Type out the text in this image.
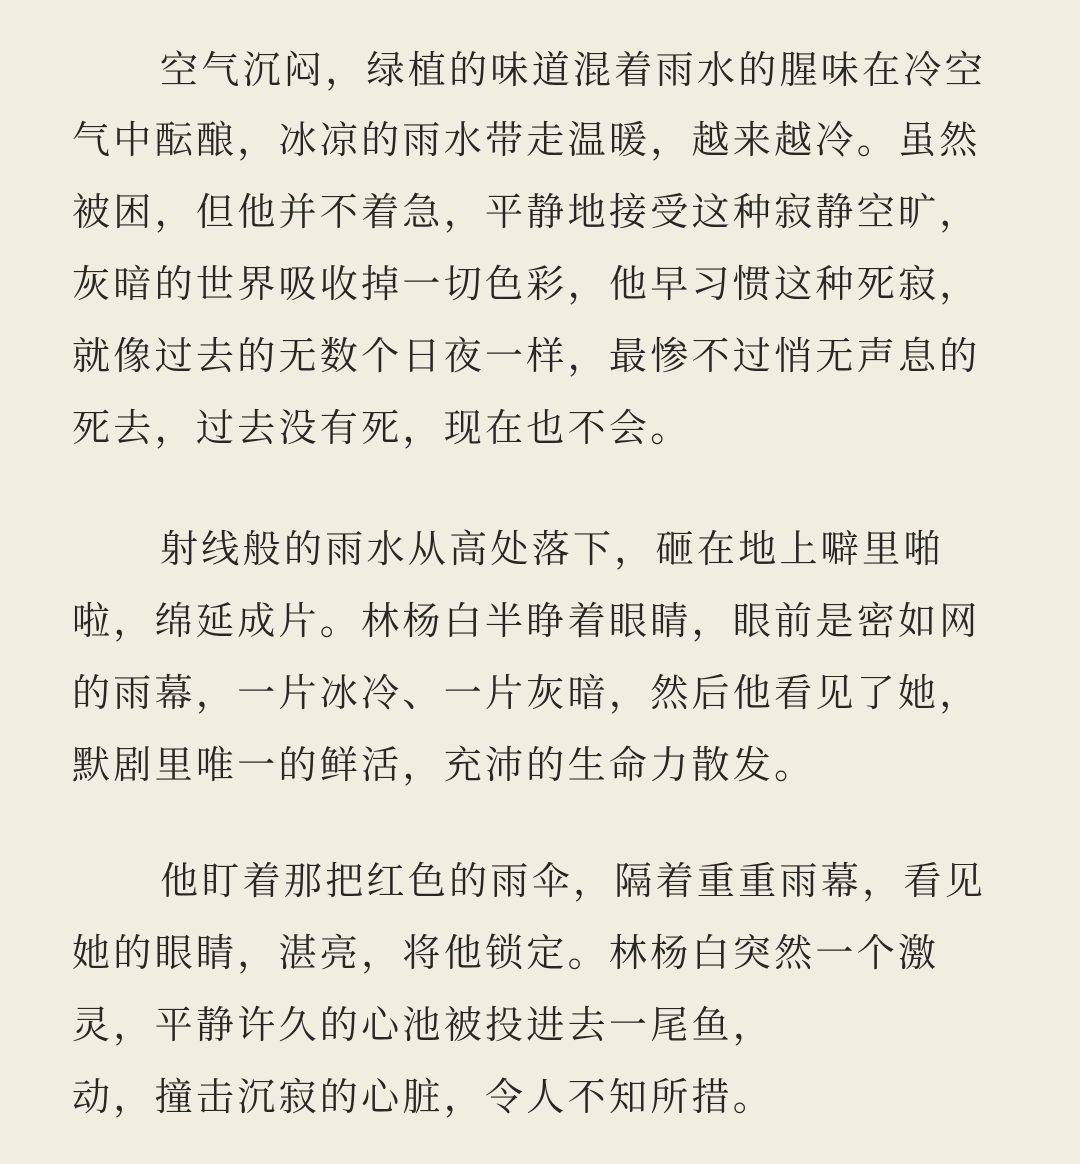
空气沉闷，绿植的味道混着雨水的腥味在冷空
气中酝酿，冰凉的雨水带走温暖，越来越冷。虽然
被困，但他并不着急，平静地接受这种寂静空旷，
灰暗的世界吸收掉一切色彩，他早习惯这种死寂，
就像过去的无数个日夜一样，最惨不过悄无声息的
死去，过去没有死，现在也不会。
射线般的雨水从高处落下，砸在地上噼里啪
啦，绵延成片。林杨白半睁着眼睛，眼前是密如网
的雨幕，一片冰冷、一片灰暗，然后他看见了她，
默剧里唯一的鲜活，充沛的生命力散发。
他盯着那把红色的雨伞，隔着重重雨幕，看见
她的眼睛，湛亮，将他锁定。林杨白突然一个激
灵，平静许久的心池被投进去一尾鱼，
动，撞击沉寂的心脏，令人不知所措。
